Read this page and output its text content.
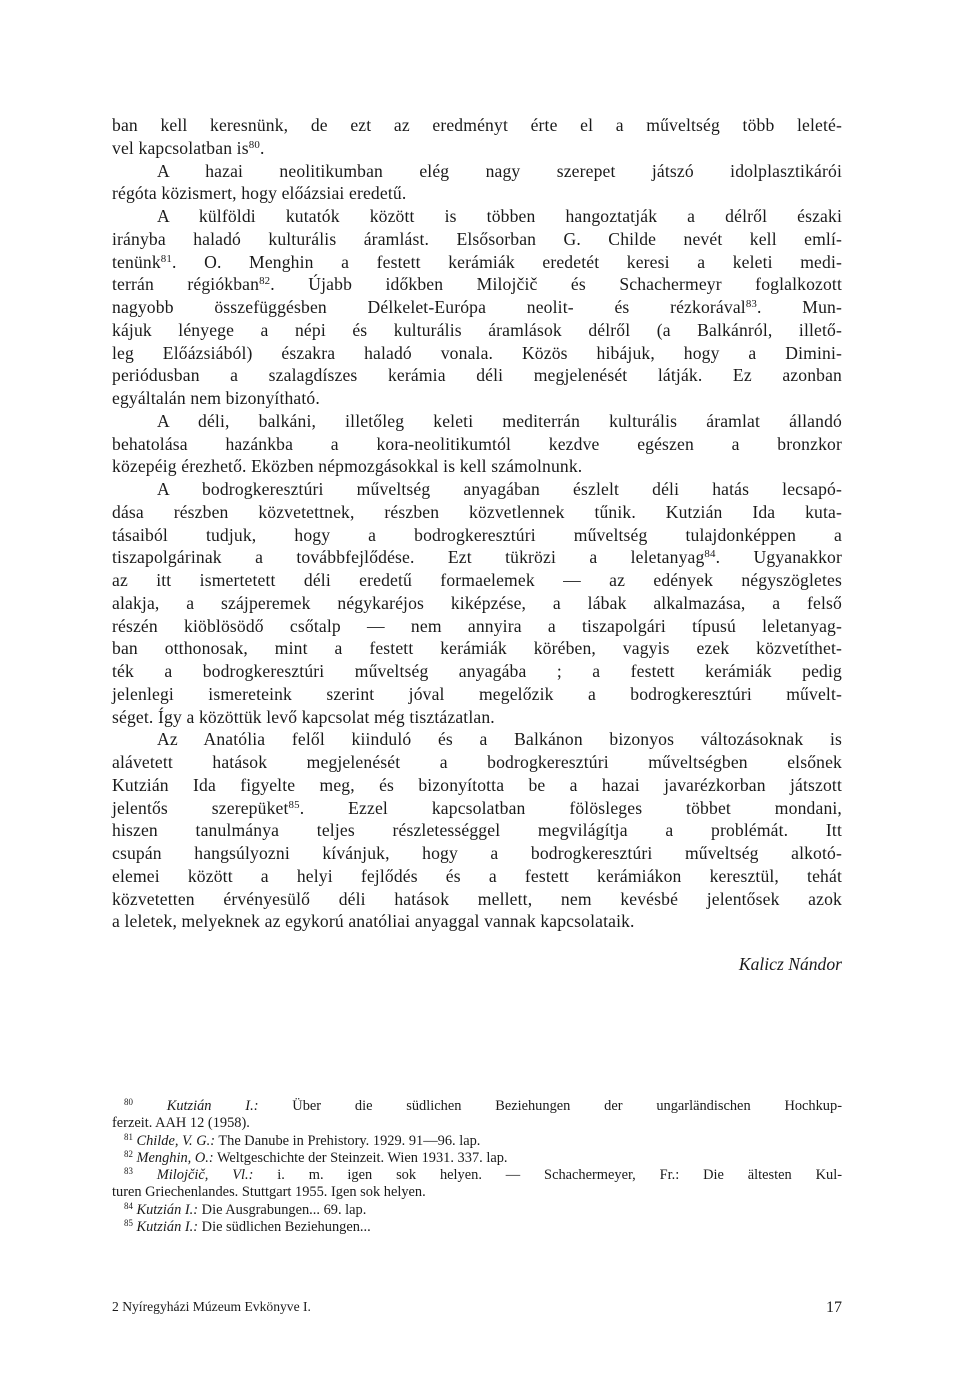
ban kell keresnünk, de ezt az eredményt érte el a műveltség több leleté-
vel kapcsolatban $is^{80}$.
A hazai neolitikumban elég nagy szerepet játszó idolplasztikárói
régóta közismert, hogy előázsiai eredetű.
A külföldi kutatók között is többen hangoztatják a délről északi
irányba haladó kulturális áramlást. Elsősorban G. Childe nevét kell emlí-
tenünk$^{81}$. O. Menghin a festett kerámiák eredetét keresi a keleti medi-
terrán régiókban$^{82}$. Újabb időkben Milojčič és Schachermeyr foglalkozott
nagyobb összefüggésben Délkelet-Európa neolit- és rézkorával$^{83}$. Mun-
kájuk lényege a népi és kulturális áramlások délről (a Balkánról, illető-
leg Előázsiából) északra haladó vonala. Közös hibájuk, hogy a Dimini-
periódusban a szalagdíszes kerámia déli megjelenését látják. Ez azonban
egyáltalán nem bizonyítható.
A déli, balkáni, illetőleg keleti mediterrán kulturális áramlat állandó
behatolása hazánkba a kora-neolitikumtól kezdve egészen a bronzkor
közepéig érezhető. Eközben népmozgásokkal is kell számolnunk.
A bodrogkeresztúri műveltség anyagában észlelt déli hatás lecsapó-
dása részben közvetettnek, részben közvetlennek tűnik. Kutzián Ida kuta-
tásaiból tudjuk, hogy a bodrogkeresztúri műveltség tulajdonképpen a
tiszapolgárinak a továbbfejlődése. Ezt tükrözi a leletanyag$^{84}$. Ugyanakkor
az itt ismertetett déli eredetű formaelemek — az edények négyszögletes
alakja, a szájperemek négykaréjos kiképzése, a lábak alkalmazása, a felső
részén kiöblösödő csőtalp — nem annyira a tiszapolgári típusú leletanyag-
ban otthonosak, mint a festett kerámiák körében, vagyis ezek közvetíthet-
ték a bodrogkeresztúri műveltség anyagába ; a festett kerámiák pedig
jelenlegi ismereteink szerint jóval megelőzik a bodrogkeresztúri művelt-
séget. Így a közöttük levő kapcsolat még tisztázatlan.
Az Anatólia felől kiinduló és a Balkánon bizonyos változásoknak is
alávetett hatások megjelenését a bodrogkeresztúri műveltségben elsőnek
Kutzián Ida figyelte meg, és bizonyította be a hazai javarézkorban játszott
jelentős szerepüket$^{85}$. Ezzel kapcsolatban fölösleges többet mondani,
hiszen tanulmánya teljes részletességgel megvilágítja a problémát. Itt
csupán hangsúlyozni kívánjuk, hogy a bodrogkeresztúri műveltség alkotó-
elemei között a helyi fejlődés és a festett kerámiákon keresztül, tehát
közvetetten érvényesülő déli hatások mellett, nem kevésbé jelentősek azok
a leletek, melyeknek az egykorú anatóliai anyaggal vannak kapcsolataik.
Kalicz Nándor
$^{80}$ Kutzián I.: Über die südlichen Beziehungen der ungarländischen Hochkup-
ferzeit. AAH 12 (1958).
$^{81}$ Childe, V. G.: The Danube in Prehistory. 1929. 91—96. lap.
$^{82}$ Menghin, O.: Weltgeschichte der Steinzeit. Wien 1931. 337. lap.
$^{83}$ Milojčič, Vl.: i. m. igen sok helyen. — Schachermeyer, Fr.: Die ältesten Kul-
turen Griechenlandes. Stuttgart 1955. Igen sok helyen.
$^{84}$ Kutzián I.: Die Ausgrabungen... 69. lap.
$^{85}$ Kutzián I.: Die südlichen Beziehungen...
2 Nyíregyházi Múzeum Evkönyve I.	17
